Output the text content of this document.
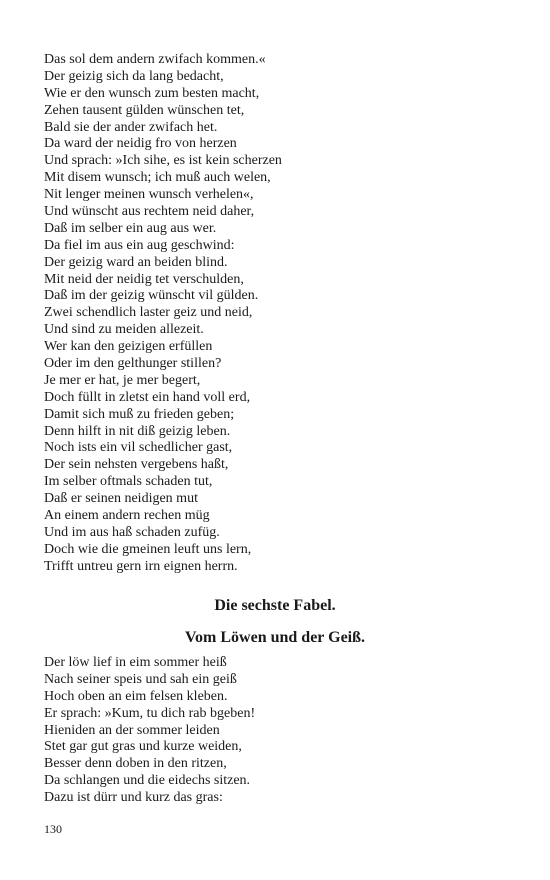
Das sol dem andern zwifach kommen.«
Der geizig sich da lang bedacht,
Wie er den wunsch zum besten macht,
Zehen tausent gülden wünschen tet,
Bald sie der ander zwifach het.
Da ward der neidig fro von herzen
Und sprach: »Ich sihe, es ist kein scherzen
Mit disem wunsch; ich muß auch welen,
Nit lenger meinen wunsch verhelen«,
Und wünscht aus rechtem neid daher,
Daß im selber ein aug aus wer.
Da fiel im aus ein aug geschwind:
Der geizig ward an beiden blind.
Mit neid der neidig tet verschulden,
Daß im der geizig wünscht vil gülden.
Zwei schendlich laster geiz und neid,
Und sind zu meiden allezeit.
Wer kan den geizigen erfüllen
Oder im den gelthunger stillen?
Je mer er hat, je mer begert,
Doch füllt in zletst ein hand voll erd,
Damit sich muß zu frieden geben;
Denn hilft in nit diß geizig leben.
Noch ists ein vil schedlicher gast,
Der sein nehsten vergebens haßt,
Im selber oftmals schaden tut,
Daß er seinen neidigen mut
An einem andern rechen müg
Und im aus haß schaden zufüg.
Doch wie die gmeinen leuft uns lern,
Trifft untreu gern irn eignen herrn.
Die sechste Fabel.
Vom Löwen und der Geiß.
Der löw lief in eim sommer heiß
Nach seiner speis und sah ein geiß
Hoch oben an eim felsen kleben.
Er sprach: »Kum, tu dich rab bgeben!
Hieniden an der sommer leiden
Stet gar gut gras und kurze weiden,
Besser denn doben in den ritzen,
Da schlangen und die eidechs sitzen.
Dazu ist dürr und kurz das gras:
130
